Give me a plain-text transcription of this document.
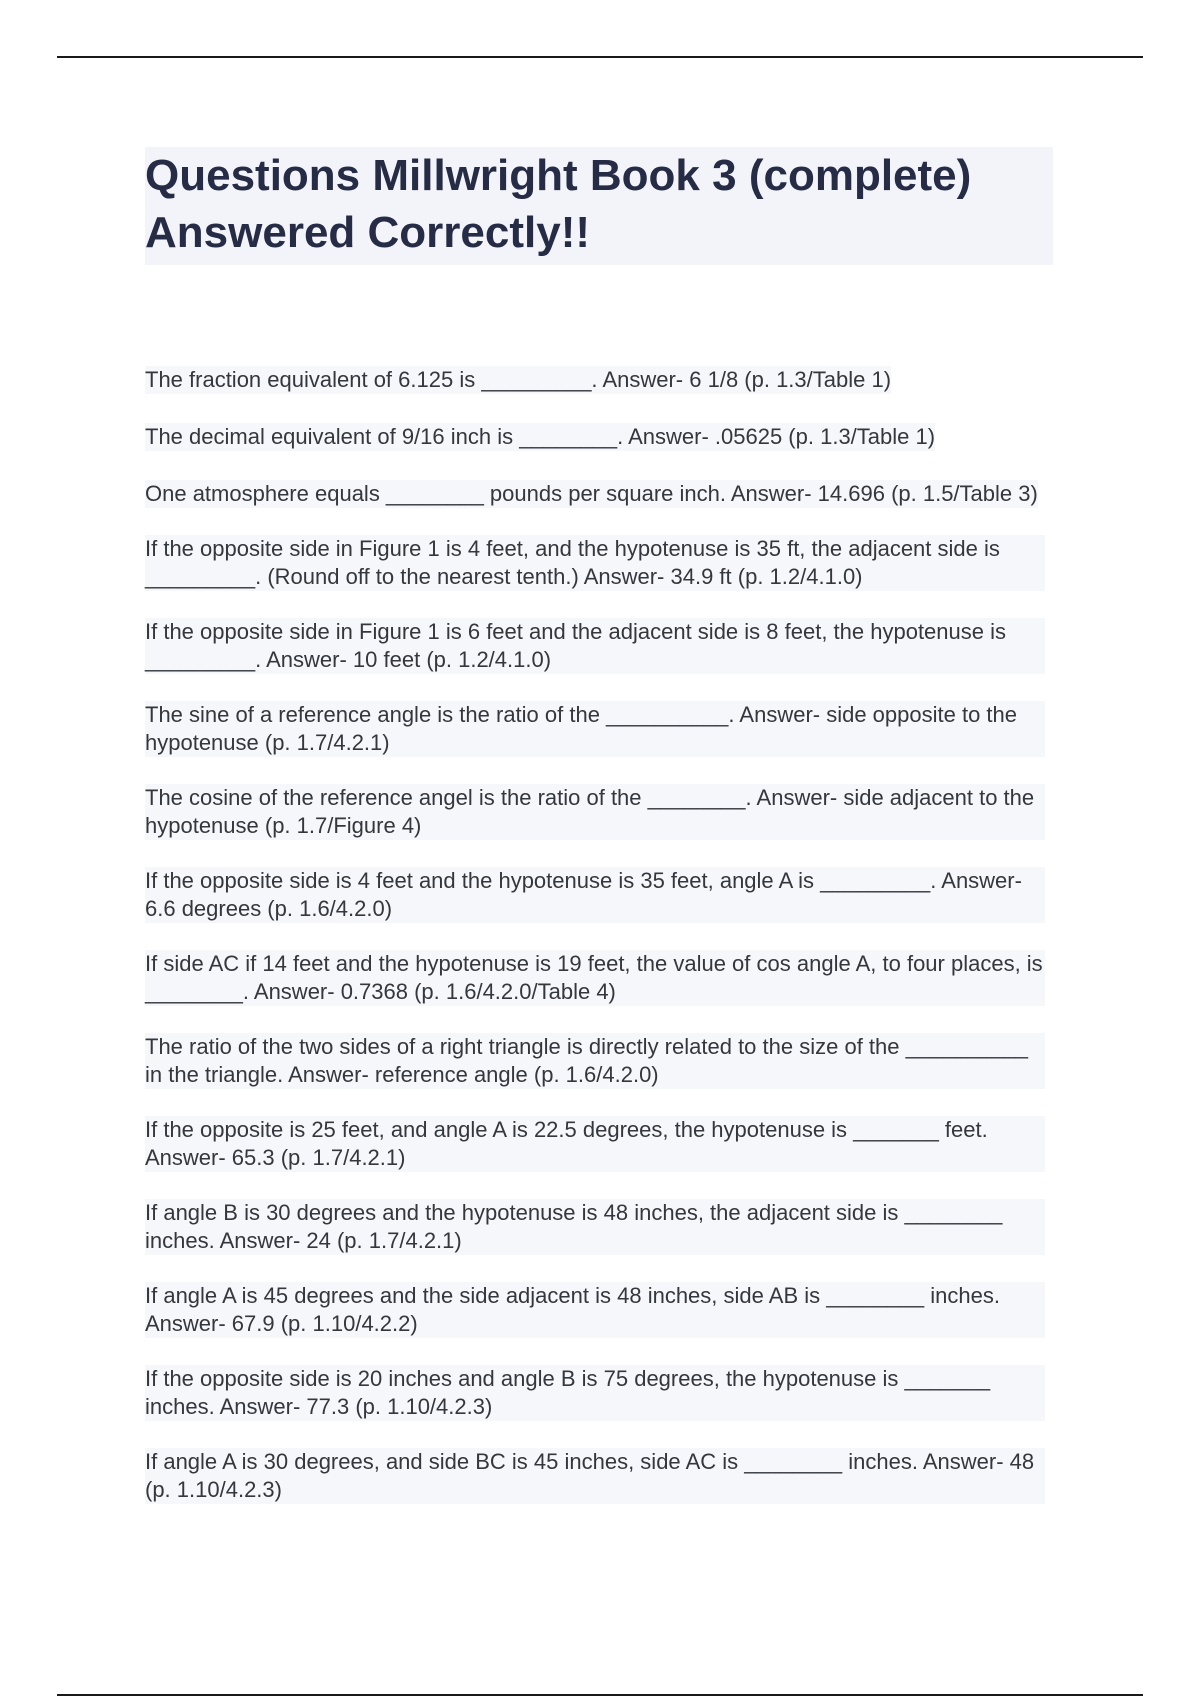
Questions Millwright Book 3 (complete) Answered Correctly!!
The fraction equivalent of 6.125 is _________. Answer- 6 1/8 (p. 1.3/Table 1)
The decimal equivalent of 9/16 inch is ________. Answer- .05625 (p. 1.3/Table 1)
One atmosphere equals ________ pounds per square inch. Answer- 14.696 (p. 1.5/Table 3)
If the opposite side in Figure 1 is 4 feet, and the hypotenuse is 35 ft, the adjacent side is _________. (Round off to the nearest tenth.) Answer- 34.9 ft (p. 1.2/4.1.0)
If the opposite side in Figure 1 is 6 feet and the adjacent side is 8 feet, the hypotenuse is _________. Answer- 10 feet (p. 1.2/4.1.0)
The sine of a reference angle is the ratio of the __________. Answer- side opposite to the hypotenuse (p. 1.7/4.2.1)
The cosine of the reference angel is the ratio of the ________. Answer- side adjacent to the hypotenuse (p. 1.7/Figure 4)
If the opposite side is 4 feet and the hypotenuse is 35 feet, angle A is _________. Answer- 6.6 degrees (p. 1.6/4.2.0)
If side AC if 14 feet and the hypotenuse is 19 feet, the value of cos angle A, to four places, is ________. Answer- 0.7368 (p. 1.6/4.2.0/Table 4)
The ratio of the two sides of a right triangle is directly related to the size of the __________ in the triangle. Answer- reference angle (p. 1.6/4.2.0)
If the opposite is 25 feet, and angle A is 22.5 degrees, the hypotenuse is _______ feet. Answer- 65.3 (p. 1.7/4.2.1)
If angle B is 30 degrees and the hypotenuse is 48 inches, the adjacent side is ________ inches. Answer- 24 (p. 1.7/4.2.1)
If angle A is 45 degrees and the side adjacent is 48 inches, side AB is ________ inches. Answer- 67.9 (p. 1.10/4.2.2)
If the opposite side is 20 inches and angle B is 75 degrees, the hypotenuse is _______ inches. Answer- 77.3 (p. 1.10/4.2.3)
If angle A is 30 degrees, and side BC is 45 inches, side AC is ________ inches. Answer- 48 (p. 1.10/4.2.3)
